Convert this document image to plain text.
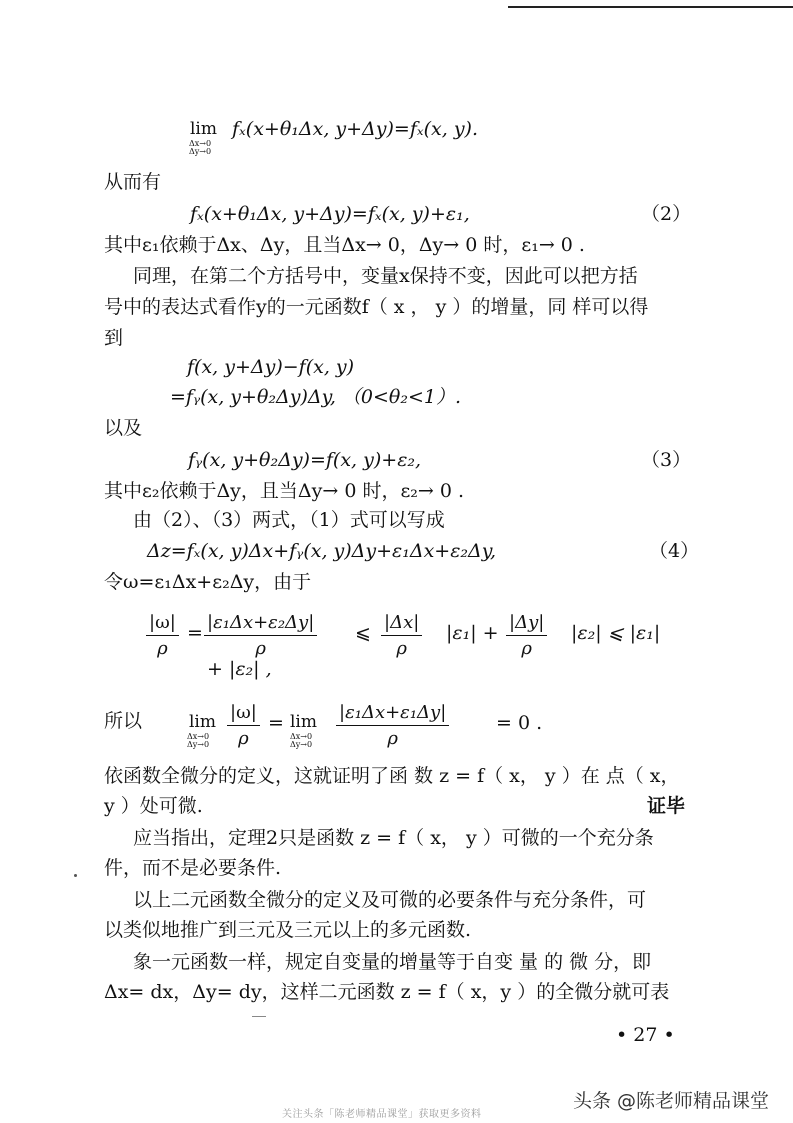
lim
Δx→0
Δy→0
fₓ(x+θ₁Δx, y+Δy)=fₓ(x, y).
从而有
fₓ(x+θ₁Δx, y+Δy)=fₓ(x, y)+ε₁,	（2）
其中ε₁依赖于Δx、Δy，且当Δx→ 0，Δy→ 0 时，ε₁→ 0 .
同理，在第二个方括号中，变量x保持不变，因此可以把方括
号中的表达式看作y的一元函数f（ x ， y ）的增量，同 样可以得
到
f(x, y+Δy)−f(x, y)
=fᵧ(x, y+θ₂Δy)Δy, （0<θ₂<1）.
以及
fᵧ(x, y+θ₂Δy)=f(x, y)+ε₂,	（3）
其中ε₂依赖于Δy，且当Δy→ 0 时，ε₂→ 0 .
由（2）、（3）两式，（1）式可以写成
Δz=fₓ(x, y)Δx+fᵧ(x, y)Δy+ε₁Δx+ε₂Δy,	（4）
令ω=ε₁Δx+ε₂Δy，由于
$\frac{|\omega|}{\rho} = \frac{\text{|ε₁Δx+ε₂Δy|}}{\rho}$ ⩽ $\frac{|\Delta x|}{\rho} |\varepsilon_1| + \frac{|\Delta y|}{\rho} |\varepsilon_2|$ ⩽ |ε₁|
+ |ε₂| ,
所以	lim
Δx→0
$\Delta y\to 0 \frac{|\omega|}{\rho} = \lim$
Δx→0
$\Delta y\to 0 \frac{\text{|ε₁Δx+ε₁Δy|}}{\rho} = 0$ .
依函数全微分的定义，这就证明了函 数 z = f（ x， y ）在 点（ x，
y ）处可微.	证毕
应当指出，定理2只是函数 z = f（ x， y ）可微的一个充分条
件，而不是必要条件.
以上二元函数全微分的定义及可微的必要条件与充分条件，可
以类似地推广到三元及三元以上的多元函数.
象一元函数一样，规定自变量的增量等于自变 量 的 微 分，即
Δx= dx，Δy= dy，这样二元函数 z = f（ x，y ）的全微分就可表
• 27 •
头条 @陈老师精品课堂
关注头条「陈老师精品课堂」获取更多资料
